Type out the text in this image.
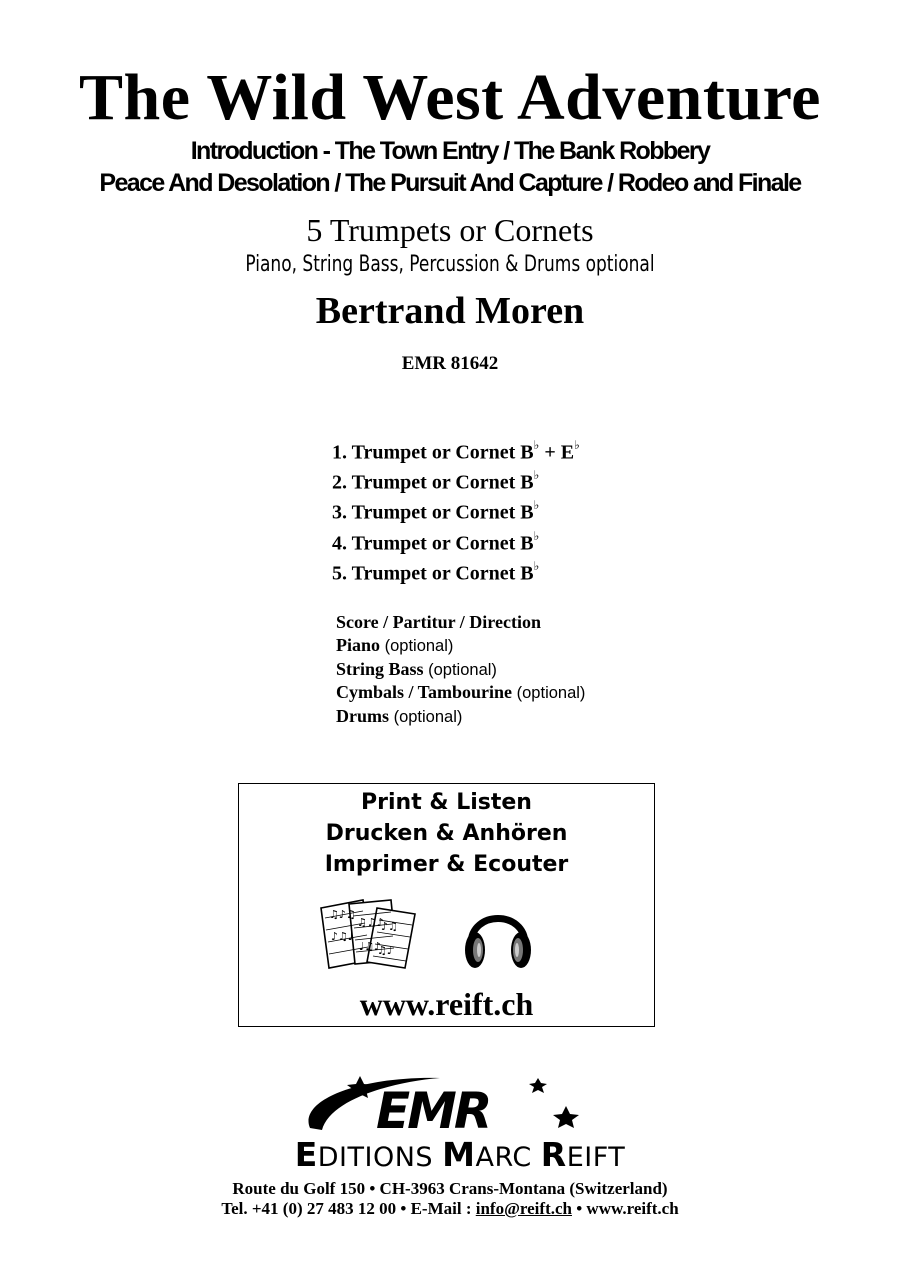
The Wild West Adventure
Introduction - The Town Entry / The Bank Robbery
Peace And Desolation / The Pursuit And Capture / Rodeo and Finale
5 Trumpets or Cornets
Piano, String Bass, Percussion & Drums optional
Bertrand Moren
EMR 81642
1. Trumpet or Cornet B♭ + E♭
2. Trumpet or Cornet B♭
3. Trumpet or Cornet B♭
4. Trumpet or Cornet B♭
5. Trumpet or Cornet B♭
Score / Partitur / Direction
Piano (optional)
String Bass (optional)
Cymbals / Tambourine (optional)
Drums (optional)
Print & Listen
Drucken & Anhören
Imprimer & Ecouter
♫♪♫
♪♫♩
♫♫♪
♩♫♪
♪♫
♫♩
www.reift.ch
EMR
EDITIONS MARC REIFT
Route du Golf 150 • CH-3963 Crans-Montana (Switzerland)
Tel. +41 (0) 27 483 12 00 • E-Mail : info@reift.ch • www.reift.ch
